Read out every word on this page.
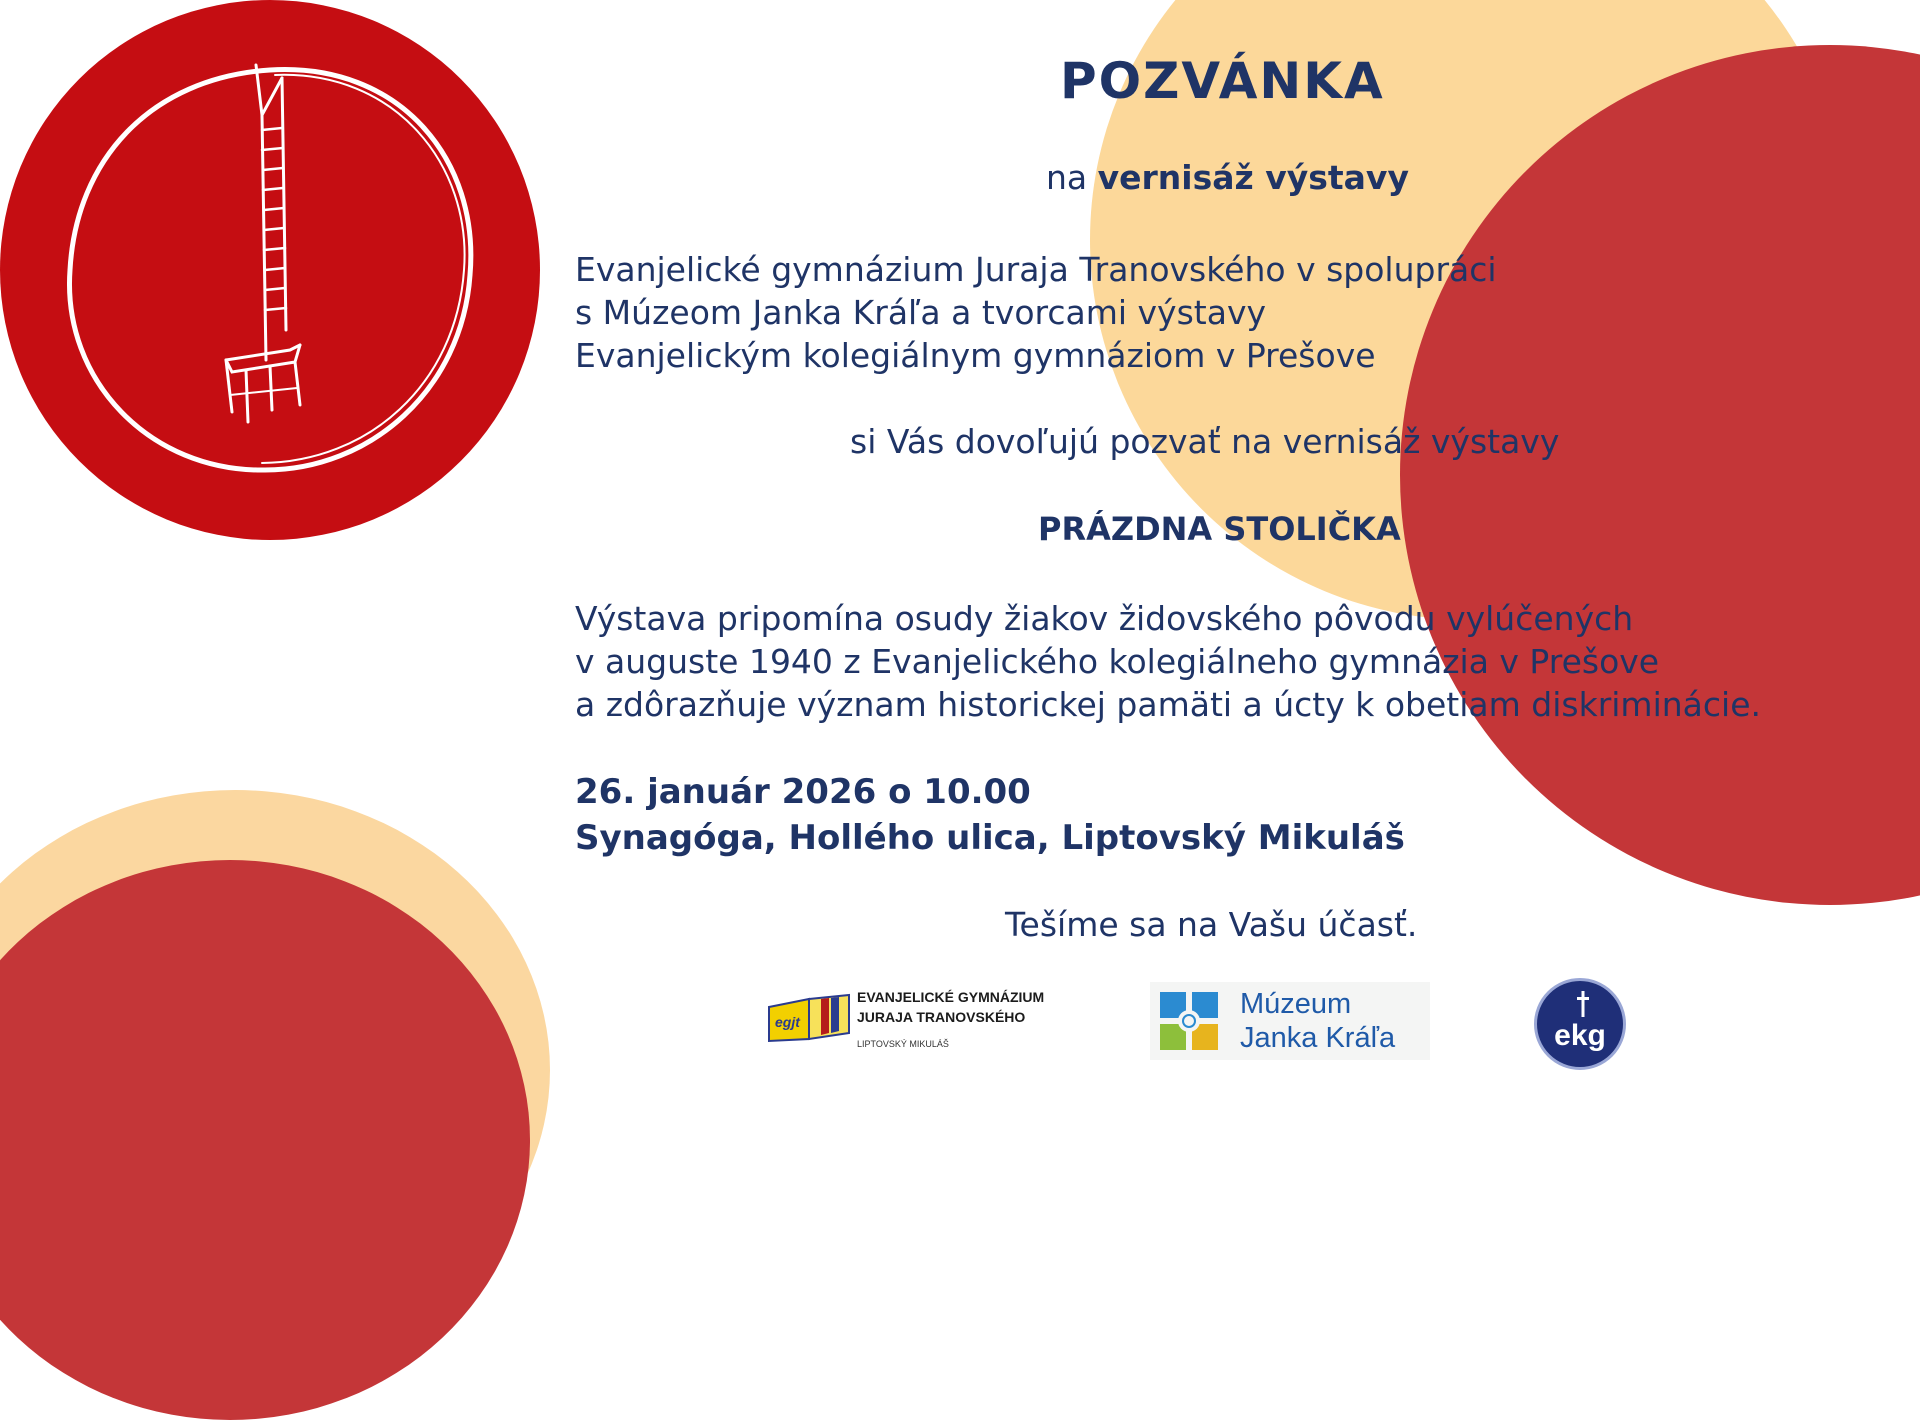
POZVÁNKA
na vernisáž výstavy
Evanjelické gymnázium Juraja Tranovského v spolupráci
s Múzeom Janka Kráľa a tvorcami výstavy
Evanjelickým kolegiálnym gymnáziom v Prešove
si Vás dovoľujú pozvať na vernisáž výstavy
PRÁZDNA STOLIČKA
Výstava pripomína osudy žiakov židovského pôvodu vylúčených
v auguste 1940 z Evanjelického kolegiálneho gymnázia v Prešove
a zdôrazňuje význam historickej pamäti a úcty k obetiam diskriminácie.
26. január 2026 o 10.00
Synagóga, Hollého ulica, Liptovský Mikuláš
Tešíme sa na Vašu účasť.
egjt
EVANJELICKÉ GYMNÁZIUM
JURAJA TRANOVSKÉHO
LIPTOVSKÝ MIKULÁŠ
Múzeum
Janka Kráľa	ekg
